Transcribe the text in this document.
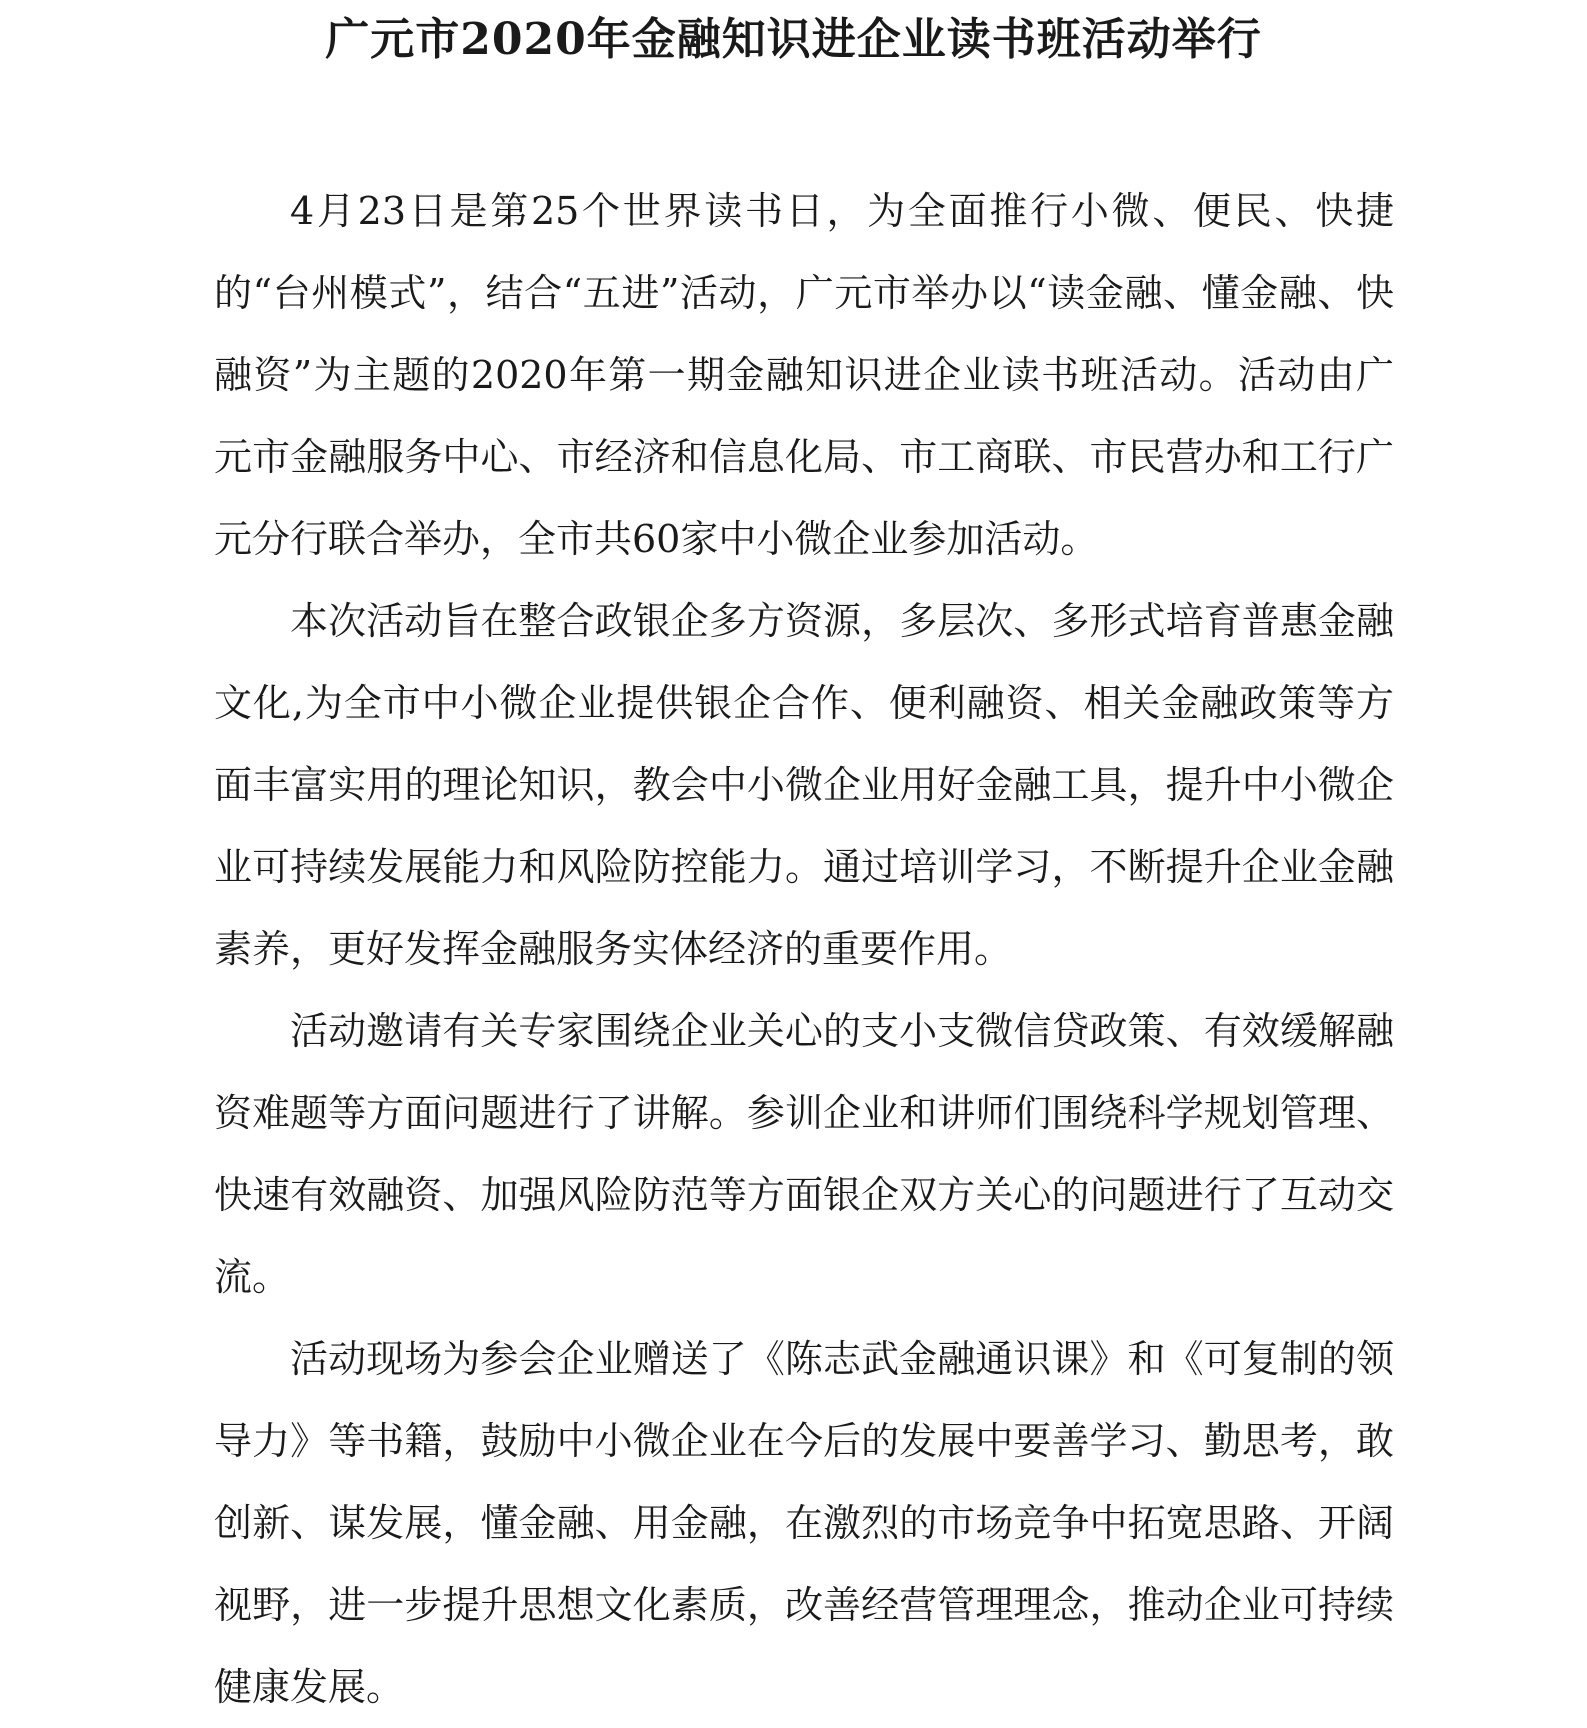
广元市2020年金融知识进企业读书班活动举行

4月23日是第25个世界读书日，为全面推行小微、便民、快捷的“台州模式”，结合“五进”活动，广元市举办以“读金融、懂金融、快融资”为主题的2020年第一期金融知识进企业读书班活动。活动由广元市金融服务中心、市经济和信息化局、市工商联、市民营办和工行广元分行联合举办，全市共60家中小微企业参加活动。

本次活动旨在整合政银企多方资源，多层次、多形式培育普惠金融文化,为全市中小微企业提供银企合作、便利融资、相关金融政策等方面丰富实用的理论知识，教会中小微企业用好金融工具，提升中小微企业可持续发展能力和风险防控能力。通过培训学习，不断提升企业金融素养，更好发挥金融服务实体经济的重要作用。

活动邀请有关专家围绕企业关心的支小支微信贷政策、有效缓解融资难题等方面问题进行了讲解。参训企业和讲师们围绕科学规划管理、快速有效融资、加强风险防范等方面银企双方关心的问题进行了互动交流。

活动现场为参会企业赠送了《陈志武金融通识课》和《可复制的领导力》等书籍，鼓励中小微企业在今后的发展中要善学习、勤思考，敢创新、谋发展，懂金融、用金融，在激烈的市场竞争中拓宽思路、开阔视野，进一步提升思想文化素质，改善经营管理理念，推动企业可持续健康发展。
